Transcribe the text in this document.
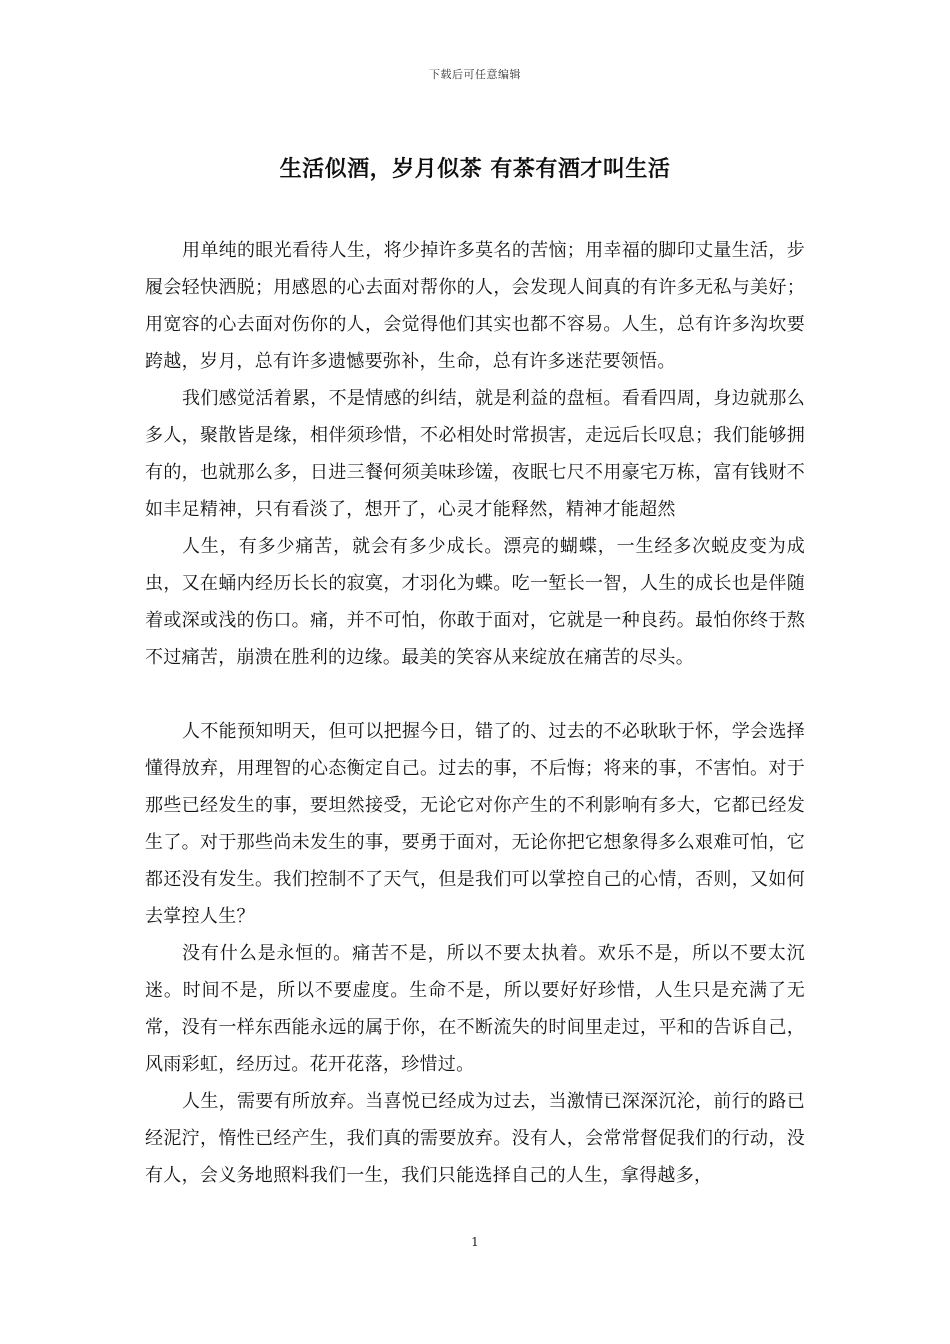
下载后可任意编辑
生活似酒，岁月似茶 有茶有酒才叫生活

用单纯的眼光看待人生，将少掉许多莫名的苦恼；用幸福的脚印丈量生活，步履会轻快洒脱；用感恩的心去面对帮你的人，会发现人间真的有许多无私与美好；用宽容的心去面对伤你的人，会觉得他们其实也都不容易。人生，总有许多沟坎要跨越，岁月，总有许多遗憾要弥补，生命，总有许多迷茫要领悟。

我们感觉活着累，不是情感的纠结，就是利益的盘桓。看看四周，身边就那么多人，聚散皆是缘，相伴须珍惜，不必相处时常损害，走远后长叹息；我们能够拥有的，也就那么多，日进三餐何须美味珍馐，夜眠七尺不用豪宅万栋，富有钱财不如丰足精神，只有看淡了，想开了，心灵才能释然，精神才能超然

人生，有多少痛苦，就会有多少成长。漂亮的蝴蝶，一生经多次蜕皮变为成虫，又在蛹内经历长长的寂寞，才羽化为蝶。吃一堑长一智，人生的成长也是伴随着或深或浅的伤口。痛，并不可怕，你敢于面对，它就是一种良药。最怕你终于熬不过痛苦，崩溃在胜利的边缘。最美的笑容从来绽放在痛苦的尽头。

人不能预知明天，但可以把握今日，错了的、过去的不必耿耿于怀，学会选择懂得放弃，用理智的心态衡定自己。过去的事，不后悔；将来的事，不害怕。对于那些已经发生的事，要坦然接受，无论它对你产生的不利影响有多大，它都已经发生了。对于那些尚未发生的事，要勇于面对，无论你把它想象得多么艰难可怕，它都还没有发生。我们控制不了天气，但是我们可以掌控自己的心情，否则，又如何去掌控人生？

没有什么是永恒的。痛苦不是，所以不要太执着。欢乐不是，所以不要太沉迷。时间不是，所以不要虚度。生命不是，所以要好好珍惜，人生只是充满了无常，没有一样东西能永远的属于你，在不断流失的时间里走过，平和的告诉自己，风雨彩虹，经历过。花开花落，珍惜过。

人生，需要有所放弃。当喜悦已经成为过去，当激情已深深沉沦，前行的路已经泥泞，惰性已经产生，我们真的需要放弃。没有人，会常常督促我们的行动，没有人，会义务地照料我们一生，我们只能选择自己的人生，拿得越多，

1
